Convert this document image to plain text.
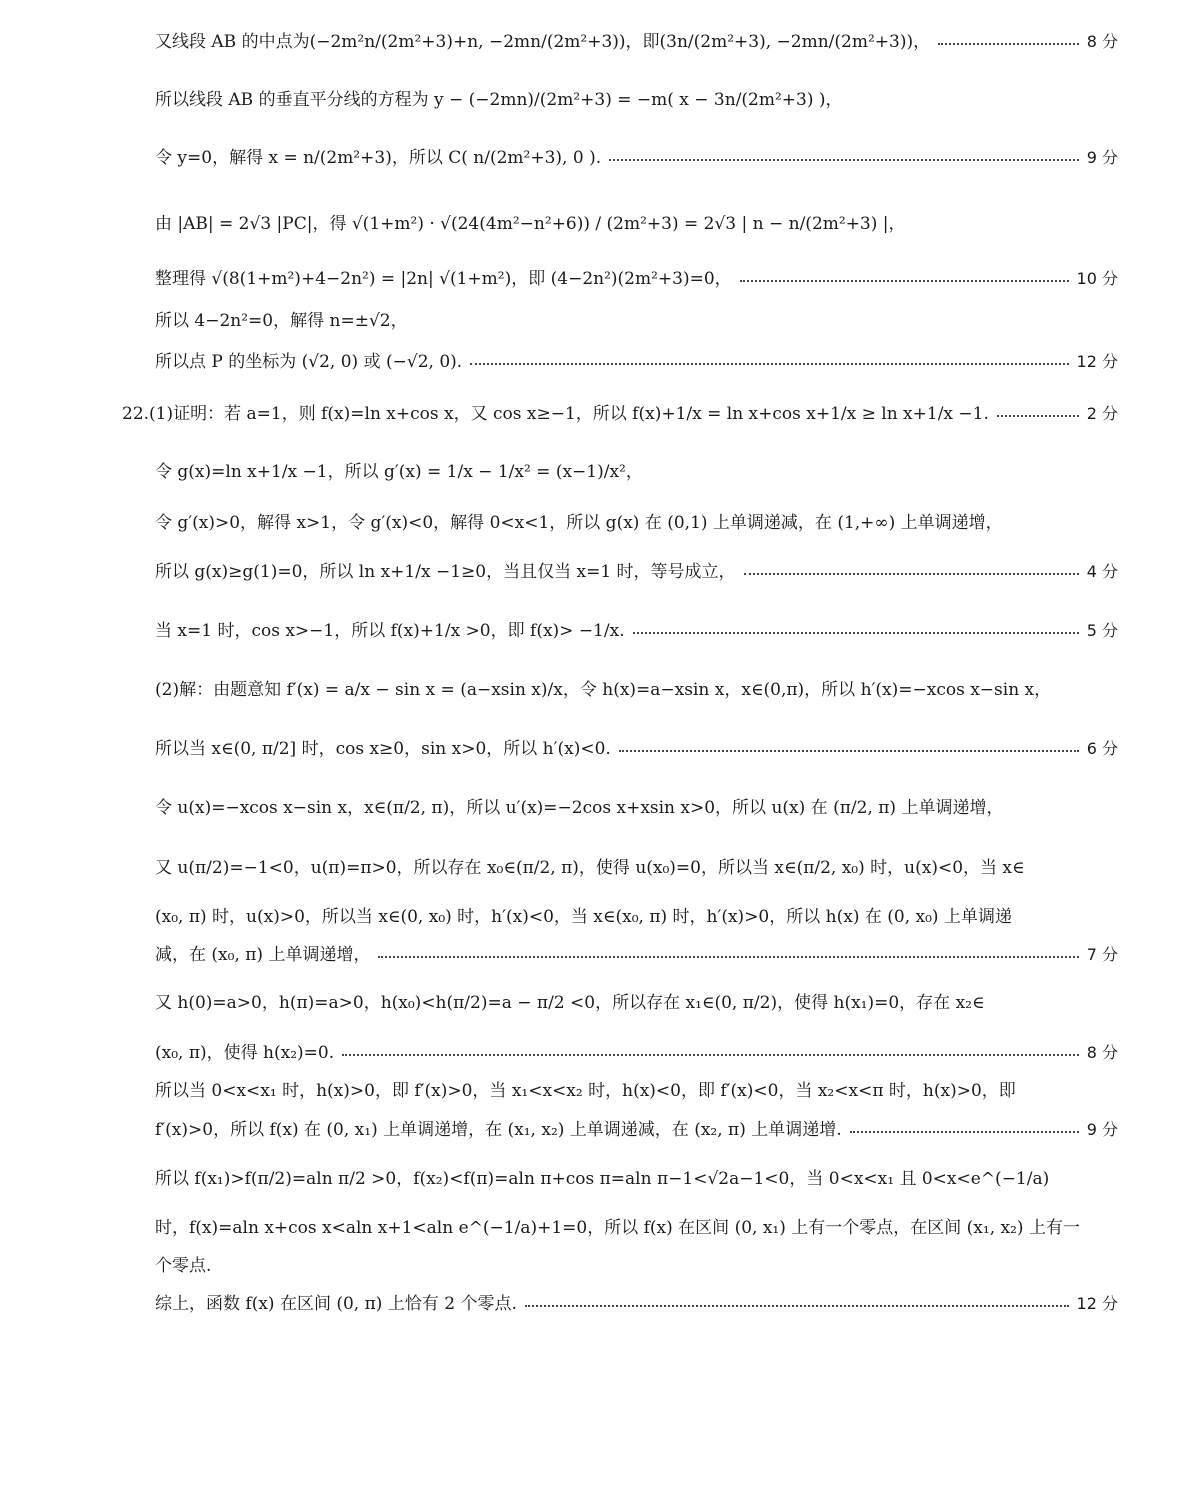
又线段 AB 的中点为(−2m²n/(2m²+3)+n, −2mn/(2m²+3))，即(3n/(2m²+3), −2mn/(2m²+3))，	8 分
所以线段 AB 的垂直平分线的方程为 y − (−2mn)/(2m²+3) = −m( x − 3n/(2m²+3) )，
令 y=0，解得 x = n/(2m²+3)，所以 C( n/(2m²+3), 0 ).	9 分
由 |AB| = 2√3 |PC|，得 √(1+m²) · √(24(4m²−n²+6)) / (2m²+3) = 2√3 | n − n/(2m²+3) |，
整理得 √(8(1+m²)+4−2n²) = |2n| √(1+m²)，即 (4−2n²)(2m²+3)=0，	10 分
所以 4−2n²=0，解得 n=±√2，
所以点 P 的坐标为 (√2, 0) 或 (−√2, 0).	12 分
22.(1)证明：若 a=1，则 f(x)=ln x+cos x，又 cos x≥−1，所以 f(x)+1/x = ln x+cos x+1/x ≥ ln x+1/x −1.	2 分
令 g(x)=ln x+1/x −1，所以 g′(x) = 1/x − 1/x² = (x−1)/x²，
令 g′(x)>0，解得 x>1，令 g′(x)<0，解得 0<x<1，所以 g(x) 在 (0,1) 上单调递减，在 (1,+∞) 上单调递增，
所以 g(x)≥g(1)=0，所以 ln x+1/x −1≥0，当且仅当 x=1 时，等号成立，	4 分
当 x=1 时，cos x>−1，所以 f(x)+1/x >0，即 f(x)> −1/x.	5 分
(2)解：由题意知 f′(x) = a/x − sin x = (a−xsin x)/x，令 h(x)=a−xsin x，x∈(0,π)，所以 h′(x)=−xcos x−sin x，
所以当 x∈(0, π/2] 时，cos x≥0，sin x>0，所以 h′(x)<0.	6 分
令 u(x)=−xcos x−sin x，x∈(π/2, π)，所以 u′(x)=−2cos x+xsin x>0，所以 u(x) 在 (π/2, π) 上单调递增，
又 u(π/2)=−1<0，u(π)=π>0，所以存在 x₀∈(π/2, π)，使得 u(x₀)=0，所以当 x∈(π/2, x₀) 时，u(x)<0，当 x∈
(x₀, π) 时，u(x)>0，所以当 x∈(0, x₀) 时，h′(x)<0，当 x∈(x₀, π) 时，h′(x)>0，所以 h(x) 在 (0, x₀) 上单调递
减，在 (x₀, π) 上单调递增，	7 分
又 h(0)=a>0，h(π)=a>0，h(x₀)<h(π/2)=a − π/2 <0，所以存在 x₁∈(0, π/2)，使得 h(x₁)=0，存在 x₂∈
(x₀, π)，使得 h(x₂)=0.	8 分
所以当 0<x<x₁ 时，h(x)>0，即 f′(x)>0，当 x₁<x<x₂ 时，h(x)<0，即 f′(x)<0，当 x₂<x<π 时，h(x)>0，即
f′(x)>0，所以 f(x) 在 (0, x₁) 上单调递增，在 (x₁, x₂) 上单调递减，在 (x₂, π) 上单调递增.	9 分
所以 f(x₁)>f(π/2)=aln π/2 >0，f(x₂)<f(π)=aln π+cos π=aln π−1<√2a−1<0，当 0<x<x₁ 且 0<x<e^(−1/a)
时，f(x)=aln x+cos x<aln x+1<aln e^(−1/a)+1=0，所以 f(x) 在区间 (0, x₁) 上有一个零点，在区间 (x₁, x₂) 上有一
个零点.
综上，函数 f(x) 在区间 (0, π) 上恰有 2 个零点.	12 分
